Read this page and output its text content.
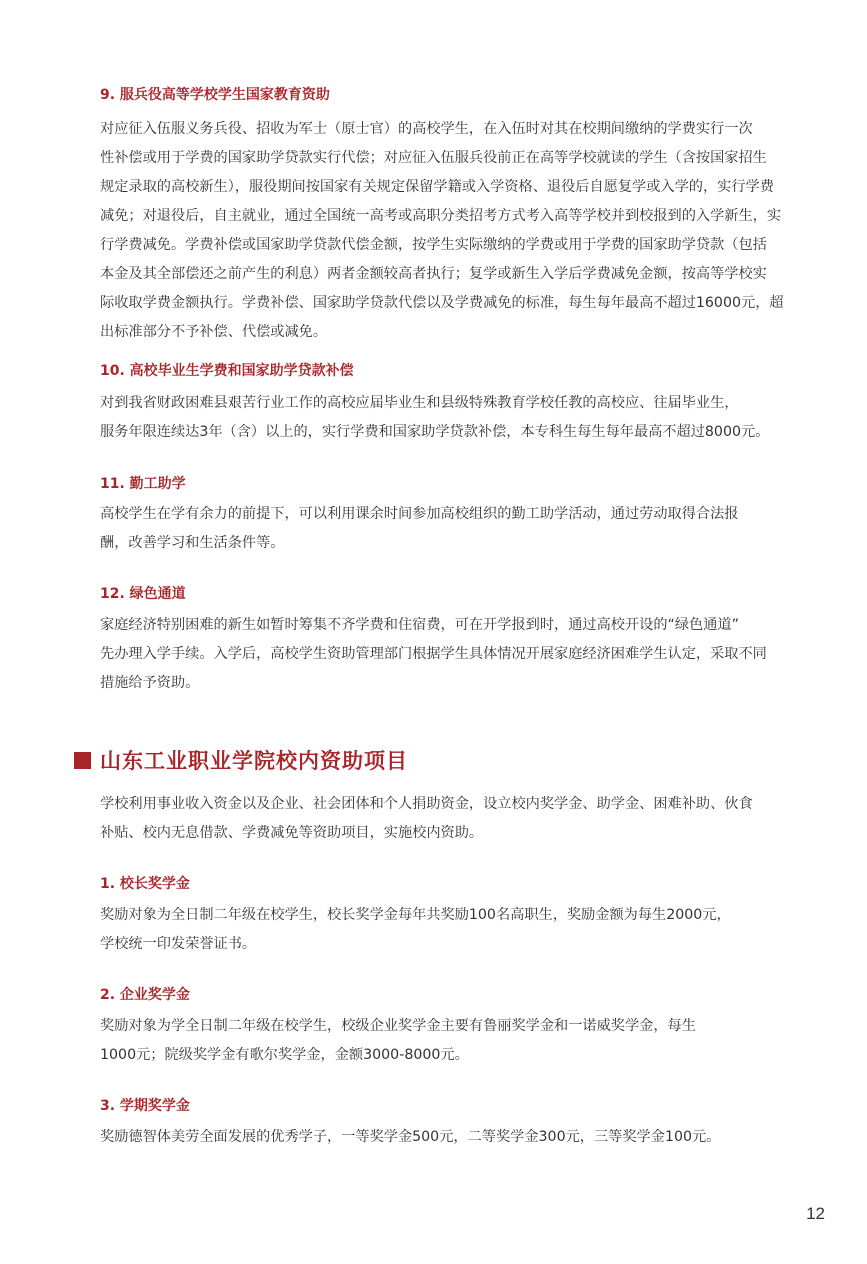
9. 服兵役高等学校学生国家教育资助

对应征入伍服义务兵役、招收为军士（原士官）的高校学生，在入伍时对其在校期间缴纳的学费实行一次
性补偿或用于学费的国家助学贷款实行代偿；对应征入伍服兵役前正在高等学校就读的学生（含按国家招生
规定录取的高校新生），服役期间按国家有关规定保留学籍或入学资格、退役后自愿复学或入学的，实行学费
减免；对退役后，自主就业，通过全国统一高考或高职分类招考方式考入高等学校并到校报到的入学新生，实
行学费减免。学费补偿或国家助学贷款代偿金额，按学生实际缴纳的学费或用于学费的国家助学贷款（包括
本金及其全部偿还之前产生的利息）两者金额较高者执行；复学或新生入学后学费减免金额，按高等学校实
际收取学费金额执行。学费补偿、国家助学贷款代偿以及学费减免的标准，每生每年最高不超过16000元，超
出标准部分不予补偿、代偿或减免。

10. 高校毕业生学费和国家助学贷款补偿

对到我省财政困难县艰苦行业工作的高校应届毕业生和县级特殊教育学校任教的高校应、往届毕业生，
服务年限连续达3年（含）以上的，实行学费和国家助学贷款补偿，本专科生每生每年最高不超过8000元。

11. 勤工助学

高校学生在学有余力的前提下，可以利用课余时间参加高校组织的勤工助学活动，通过劳动取得合法报
酬，改善学习和生活条件等。

12. 绿色通道

家庭经济特别困难的新生如暂时筹集不齐学费和住宿费，可在开学报到时，通过高校开设的“绿色通道”
先办理入学手续。入学后，高校学生资助管理部门根据学生具体情况开展家庭经济困难学生认定，采取不同
措施给予资助。

山东工业职业学院校内资助项目

学校利用事业收入资金以及企业、社会团体和个人捐助资金，设立校内奖学金、助学金、困难补助、伙食
补贴、校内无息借款、学费减免等资助项目，实施校内资助。

1. 校长奖学金

奖励对象为全日制二年级在校学生，校长奖学金每年共奖励100名高职生，奖励金额为每生2000元，
学校统一印发荣誉证书。

2. 企业奖学金

奖励对象为学全日制二年级在校学生，校级企业奖学金主要有鲁丽奖学金和一诺威奖学金，每生
1000元；院级奖学金有歌尔奖学金，金额3000-8000元。

3. 学期奖学金

奖励德智体美劳全面发展的优秀学子，一等奖学金500元，二等奖学金300元，三等奖学金100元。

12
